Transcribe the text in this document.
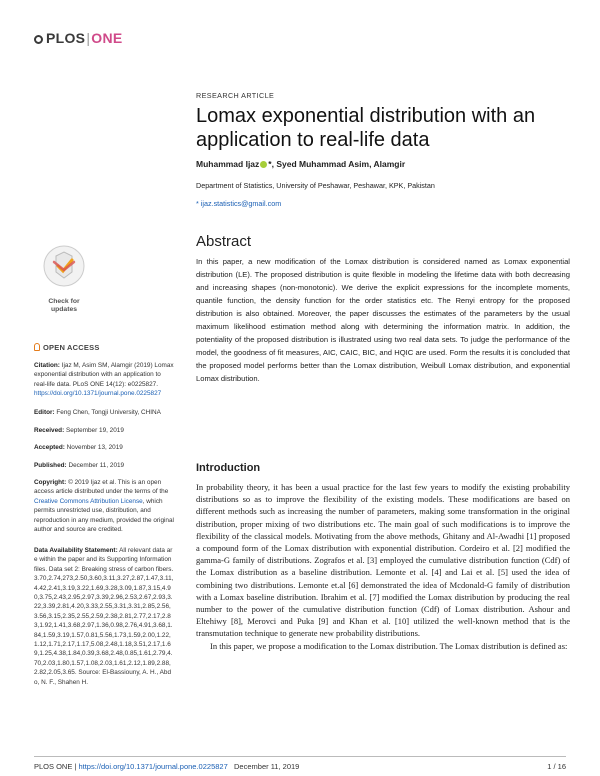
PLOS|ONE
RESEARCH ARTICLE
Lomax exponential distribution with an application to real-life data
Muhammad Ijaz *, Syed Muhammad Asim, Alamgir
Department of Statistics, University of Peshawar, Peshawar, KPK, Pakistan
* ijaz.statistics@gmail.com
Abstract
In this paper, a new modification of the Lomax distribution is considered named as Lomax exponential distribution (LE). The proposed distribution is quite flexible in modeling the lifetime data with both decreasing and increasing shapes (non-monotonic). We derive the explicit expressions for the incomplete moments, quantile function, the density function for the order statistics etc. The Renyi entropy for the proposed distribution is also obtained. Moreover, the paper discusses the estimates of the parameters by the usual maximum likelihood estimation method along with determining the information matrix. In addition, the potentiality of the proposed distribution is illustrated using two real data sets. To judge the performance of the model, the goodness of fit measures, AIC, CAIC, BIC, and HQIC are used. Form the results it is concluded that the proposed model performs better than the Lomax distribution, Weibull Lomax distribution, and exponential Lomax distribution.
Introduction

In probability theory, it has been a usual practice for the last few years to modify the existing probability distributions so as to improve the flexibility of the existing models. These modifications are based on different methods such as increasing the number of parameters, making some transformation in the original distribution, proper mixing of two distributions etc. The main goal of such modifications is to improve the flexibility of the classical models. Motivating from the above methods, Ghitany and Al-Awadhi [1] proposed a compound form of the Lomax distribution with exponential distribution. Cordeiro et al. [2] modified the gamma-G family of distributions. Zografos et al. [3] employed the cumulative distribution function (Cdf) of the Lomax distribution as a baseline distribution. Lemonte et al. [4] and Lai et al. [5] used the idea of combining two distributions. Lemonte et.al [6] demonstrated the idea of Mcdonald-G family of distribution with a Lomax baseline distribution. Ibrahim et al. [7] modified the Lomax distribution by producing the real number to the power of the cumulative distribution function (Cdf) of Lomax distribution. Ashour and Eltehiwy [8], Merovci and Puka [9] and Khan et al. [10] utilized the well-known method that is the transmutation technique to generate new probability distributions.

In this paper, we propose a modification to the Lomax distribution. The Lomax distribution is defined as:

Check for
updates
OPEN ACCESS
Citation: Ijaz M, Asim SM, Alamgir (2019) Lomax exponential distribution with an application to real-life data. PLoS ONE 14(12): e0225827. https://doi.org/10.1371/journal.pone.0225827
Editor: Feng Chen, Tongji University, CHINA
Received: September 19, 2019
Accepted: November 13, 2019
Published: December 11, 2019
Copyright: © 2019 Ijaz et al. This is an open access article distributed under the terms of the Creative Commons Attribution License, which permits unrestricted use, distribution, and reproduction in any medium, provided the original author and source are credited.
Data Availability Statement: All relevant data are within the paper and its Supporting Information files. Data set 2: Breaking stress of carbon fibers. 3.70,2.74,273,2.50,3.60,3.11,3.27,2.87,1.47,3.11,4.42,2.41,3.19,3.22,1.69,3.28,3.09,1.87,3.15,4.90,3.75,2.43,2.95,2.97,3.39,2.96,2.53,2.67,2.93,3.22,3.39,2.81,4.20,3.33,2.55,3.31,3.31,2.85,2.56,3.56,3.15,2.35,2.55,2.59,2.38,2.81,2.77,2.17,2.83,1.92,1.41,3.68,2.97,1.36,0.98,2.76,4.91,3.68,1.84,1.59,3.19,1.57,0.81,5.56,1.73,1.59,2.00,1.22,1.12,1.71,2.17,1.17,5.08,2.48,1.18,3.51,2.17,1.69,1.25,4.38,1.84,0.39,3.68,2.48,0.85,1.61,2.79,4.70,2.03,1.80,1.57,1.08,2.03,1.61,2.12,1.89,2.88,2.82,2.05,3.65. Source: El-Bassiouny, A. H., Abdo, N. F., Shahen H.
PLOS ONE | https://doi.org/10.1371/journal.pone.0225827   December 11, 2019	1 / 16
